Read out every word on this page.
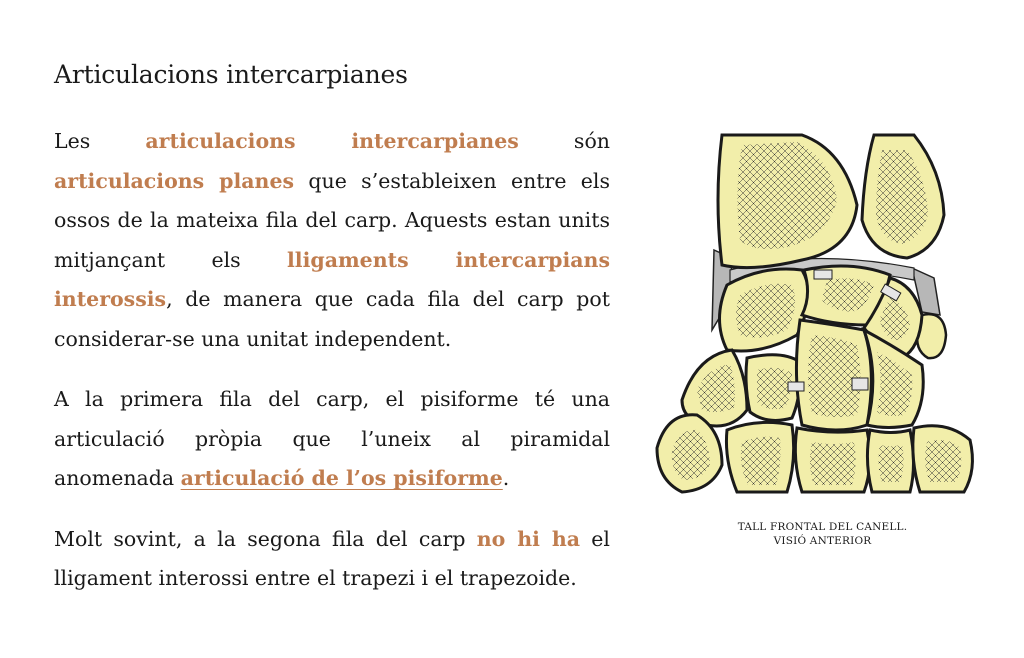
Articulacions intercarpianes

Les articulacions intercarpianes són articulacions planes que s’estableixen entre els ossos de la mateixa fila del carp. Aquests estan units mitjançant els lligaments intercarpians interossis, de manera que cada fila del carp pot considerar-se una unitat independent.

A la primera fila del carp, el pisiforme té una articulació pròpia que l’uneix al piramidal anomenada articulació de l’os pisiforme.

Molt sovint, a la segona fila del carp no hi ha el lligament interossi entre el trapezi i el trapezoide.

TALL FRONTAL DEL CANELL.
VISIÓ ANTERIOR
